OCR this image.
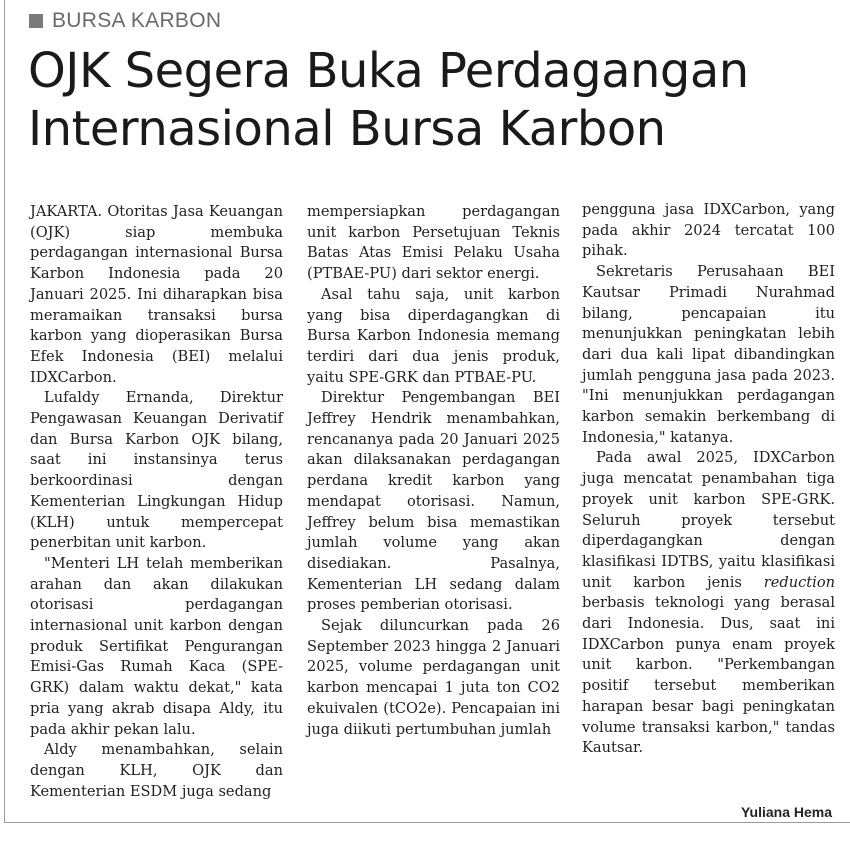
BURSA KARBON
OJK Segera Buka Perdagangan Internasional Bursa Karbon

JAKARTA. Otoritas Jasa Keuangan (OJK) siap membuka perdagangan internasional Bursa Karbon Indonesia pada 20 Januari 2025. Ini diharapkan bisa meramaikan transaksi bursa karbon yang dioperasikan Bursa Efek Indonesia (BEI) melalui IDXCarbon.

Lufaldy Ernanda, Direktur Pengawasan Keuangan Derivatif dan Bursa Karbon OJK bilang, saat ini instansinya terus berkoordinasi dengan Kementerian Lingkungan Hidup (KLH) untuk mempercepat penerbitan unit karbon.

"Menteri LH telah memberikan arahan dan akan dilakukan otorisasi perdagangan internasional unit karbon dengan produk Sertifikat Pengurangan Emisi-Gas Rumah Kaca (SPE-GRK) dalam waktu dekat," kata pria yang akrab disapa Aldy, itu pada akhir pekan lalu.

Aldy menambahkan, selain dengan KLH, OJK dan Kementerian ESDM juga sedang

mempersiapkan perdagangan unit karbon Persetujuan Teknis Batas Atas Emisi Pelaku Usaha (PTBAE-PU) dari sektor energi.

Asal tahu saja, unit karbon yang bisa diperdagangkan di Bursa Karbon Indonesia memang terdiri dari dua jenis produk, yaitu SPE-GRK dan PTBAE-PU.

Direktur Pengembangan BEI Jeffrey Hendrik menambahkan, rencananya pada 20 Januari 2025 akan dilaksanakan perdagangan perdana kredit karbon yang mendapat otorisasi. Namun, Jeffrey belum bisa memastikan jumlah volume yang akan disediakan. Pasalnya, Kementerian LH sedang dalam proses pemberian otorisasi.

Sejak diluncurkan pada 26 September 2023 hingga 2 Januari 2025, volume perdagangan unit karbon mencapai 1 juta ton CO2 ekuivalen (tCO2e). Pencapaian ini juga diikuti pertumbuhan jumlah

pengguna jasa IDXCarbon, yang pada akhir 2024 tercatat 100 pihak.

Sekretaris Perusahaan BEI Kautsar Primadi Nurahmad bilang, pencapaian itu menunjukkan peningkatan lebih dari dua kali lipat dibandingkan jumlah pengguna jasa pada 2023. "Ini menunjukkan perdagangan karbon semakin berkembang di Indonesia," katanya.

Pada awal 2025, IDXCarbon juga mencatat penambahan tiga proyek unit karbon SPE-GRK. Seluruh proyek tersebut diperdagangkan dengan klasifikasi IDTBS, yaitu klasifikasi unit karbon jenis reduction berbasis teknologi yang berasal dari Indonesia. Dus, saat ini IDXCarbon punya enam proyek unit karbon. "Perkembangan positif tersebut memberikan harapan besar bagi peningkatan volume transaksi karbon," tandas Kautsar.

Yuliana Hema
